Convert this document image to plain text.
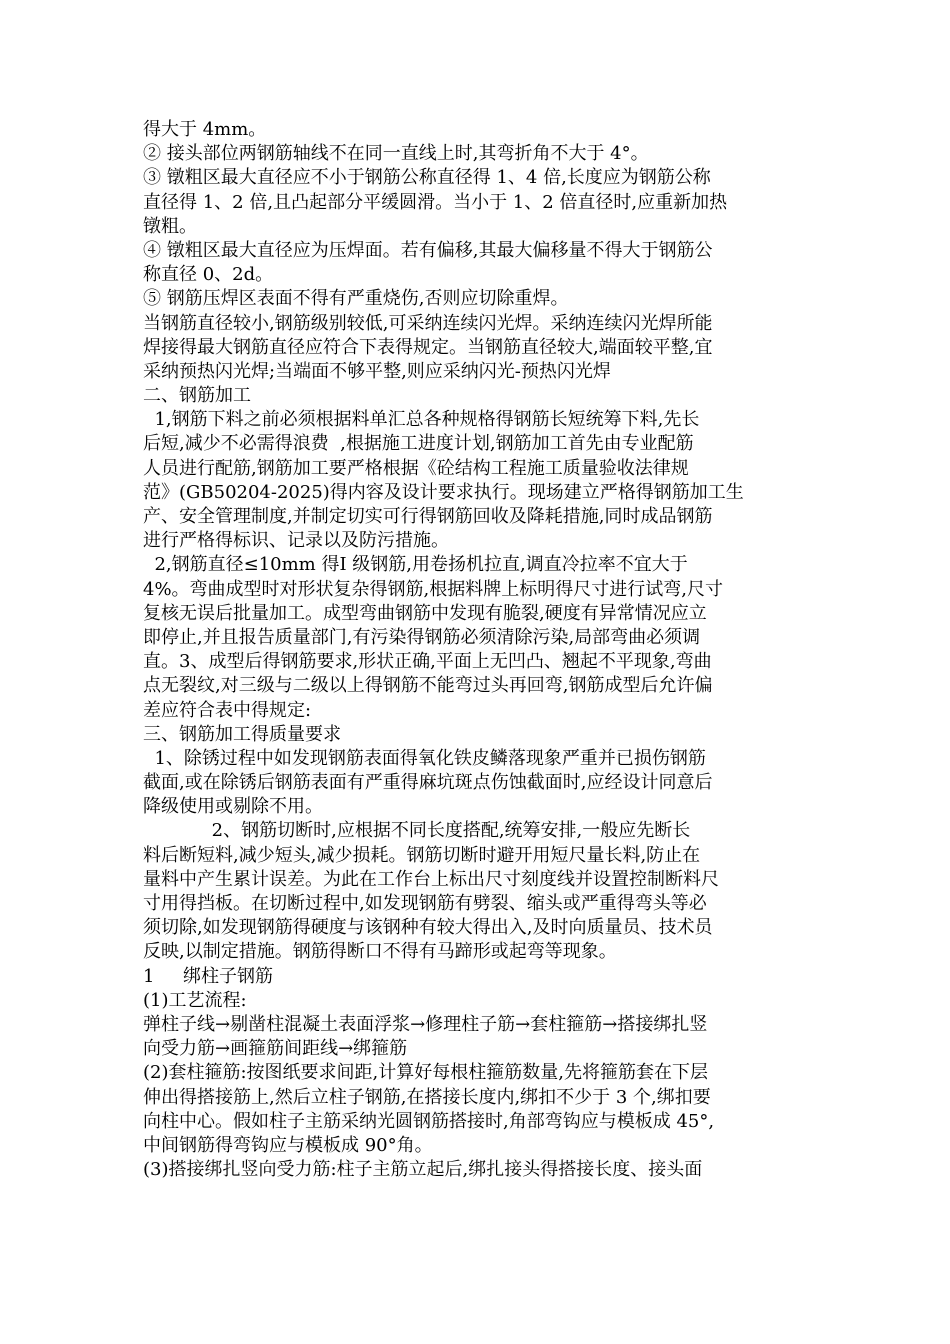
得大于 4mm。
② 接头部位两钢筋轴线不在同一直线上时,其弯折角不大于 4°。
③ 镦粗区最大直径应不小于钢筋公称直径得 1、4 倍,长度应为钢筋公称
直径得 1、2 倍,且凸起部分平缓圆滑。当小于 1、2 倍直径时,应重新加热
镦粗。
④ 镦粗区最大直径应为压焊面。若有偏移,其最大偏移量不得大于钢筋公
称直径 0、2d。
⑤ 钢筋压焊区表面不得有严重烧伤,否则应切除重焊。
当钢筋直径较小,钢筋级别较低,可采纳连续闪光焊。采纳连续闪光焊所能
焊接得最大钢筋直径应符合下表得规定。当钢筋直径较大,端面较平整,宜
采纳预热闪光焊;当端面不够平整,则应采纳闪光-预热闪光焊
二、钢筋加工
1,钢筋下料之前必须根据料单汇总各种规格得钢筋长短统筹下料,先长
后短,减少不必需得浪费  ,根据施工进度计划,钢筋加工首先由专业配筋
人员进行配筋,钢筋加工要严格根据《砼结构工程施工质量验收法律规
范》(GB50204-2025)得内容及设计要求执行。现场建立严格得钢筋加工生
产、安全管理制度,并制定切实可行得钢筋回收及降耗措施,同时成品钢筋
进行严格得标识、记录以及防污措施。
2,钢筋直径≤10mm 得Ⅰ 级钢筋,用卷扬机拉直,调直冷拉率不宜大于
4%。弯曲成型时对形状复杂得钢筋,根据料牌上标明得尺寸进行试弯,尺寸
复核无误后批量加工。成型弯曲钢筋中发现有脆裂,硬度有异常情况应立
即停止,并且报告质量部门,有污染得钢筋必须清除污染,局部弯曲必须调
直。3、成型后得钢筋要求,形状正确,平面上无凹凸、翘起不平现象,弯曲
点无裂纹,对三级与二级以上得钢筋不能弯过头再回弯,钢筋成型后允许偏
差应符合表中得规定:
三、钢筋加工得质量要求
1、除锈过程中如发现钢筋表面得氧化铁皮鳞落现象严重并已损伤钢筋
截面,或在除锈后钢筋表面有严重得麻坑斑点伤蚀截面时,应经设计同意后
降级使用或剔除不用。
2、钢筋切断时,应根据不同长度搭配,统筹安排,一般应先断长
料后断短料,减少短头,减少损耗。钢筋切断时避开用短尺量长料,防止在
量料中产生累计误差。为此在工作台上标出尺寸刻度线并设置控制断料尺
寸用得挡板。在切断过程中,如发现钢筋有劈裂、缩头或严重得弯头等必
须切除,如发现钢筋得硬度与该钢种有较大得出入,及时向质量员、技术员
反映,以制定措施。钢筋得断口不得有马蹄形或起弯等现象。
1     绑柱子钢筋
(1)工艺流程:
弹柱子线→剔凿柱混凝土表面浮浆→修理柱子筋→套柱箍筋→搭接绑扎竖
向受力筋→画箍筋间距线→绑箍筋
(2)套柱箍筋:按图纸要求间距,计算好每根柱箍筋数量,先将箍筋套在下层
伸出得搭接筋上,然后立柱子钢筋,在搭接长度内,绑扣不少于 3 个,绑扣要
向柱中心。假如柱子主筋采纳光圆钢筋搭接时,角部弯钩应与模板成 45°,
中间钢筋得弯钩应与模板成 90°角。
(3)搭接绑扎竖向受力筋:柱子主筋立起后,绑扎接头得搭接长度、接头面
